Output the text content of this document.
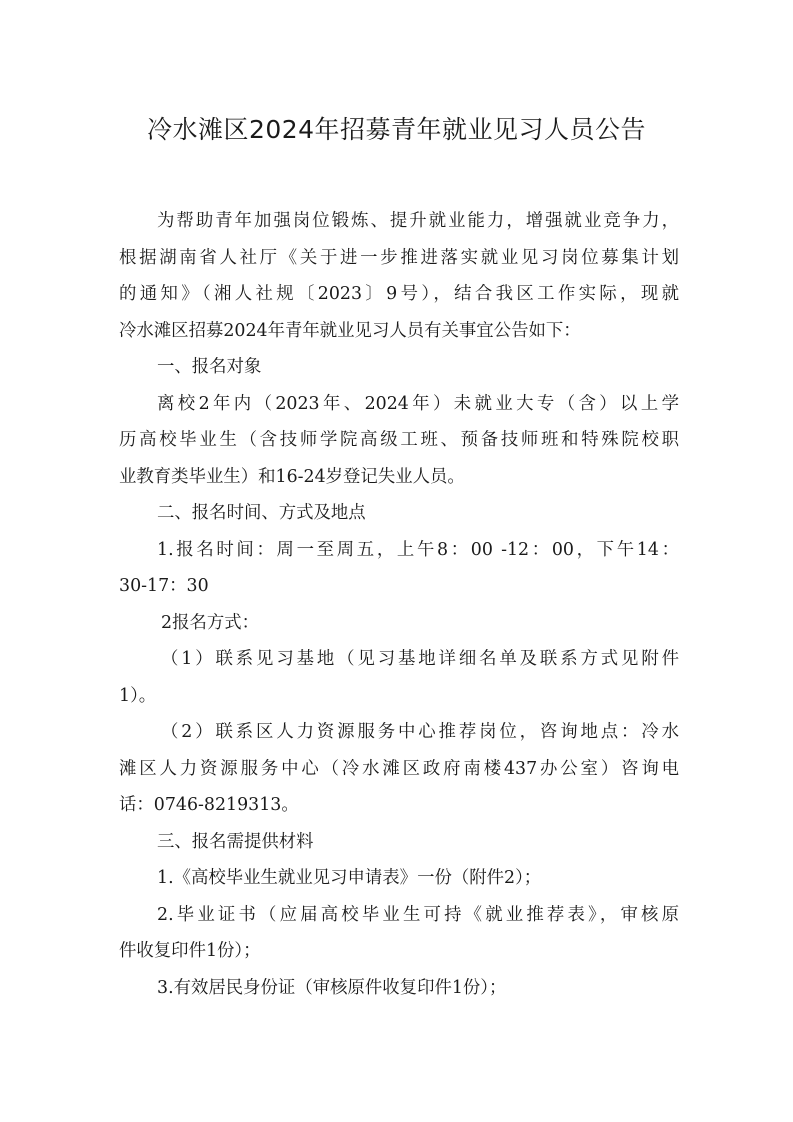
冷水滩区2024年招募青年就业见习人员公告
为帮助青年加强岗位锻炼、提升就业能力，增强就业竞争力，
根据湖南省人社厅《关于进一步推进落实就业见习岗位募集计划
的通知》（湘人社规〔2023〕9号），结合我区工作实际，现就
冷水滩区招募2024年青年就业见习人员有关事宜公告如下：
一、报名对象
离校2年内（2023年、2024年）未就业大专（含）以上学
历高校毕业生（含技师学院高级工班、预备技师班和特殊院校职
业教育类毕业生）和16-24岁登记失业人员。
二、报名时间、方式及地点
1.报名时间：周一至周五，上午8：00 -12：00，下午14：
30-17：30
2报名方式：
（1）联系见习基地（见习基地详细名单及联系方式见附件
1）。
（2）联系区人力资源服务中心推荐岗位，咨询地点：冷水
滩区人力资源服务中心（冷水滩区政府南楼437办公室）咨询电
话：0746-8219313。
三、报名需提供材料
1.《高校毕业生就业见习申请表》一份（附件2）；
2.毕业证书（应届高校毕业生可持《就业推荐表》，审核原
件收复印件1份）；
3.有效居民身份证（审核原件收复印件1份）；
